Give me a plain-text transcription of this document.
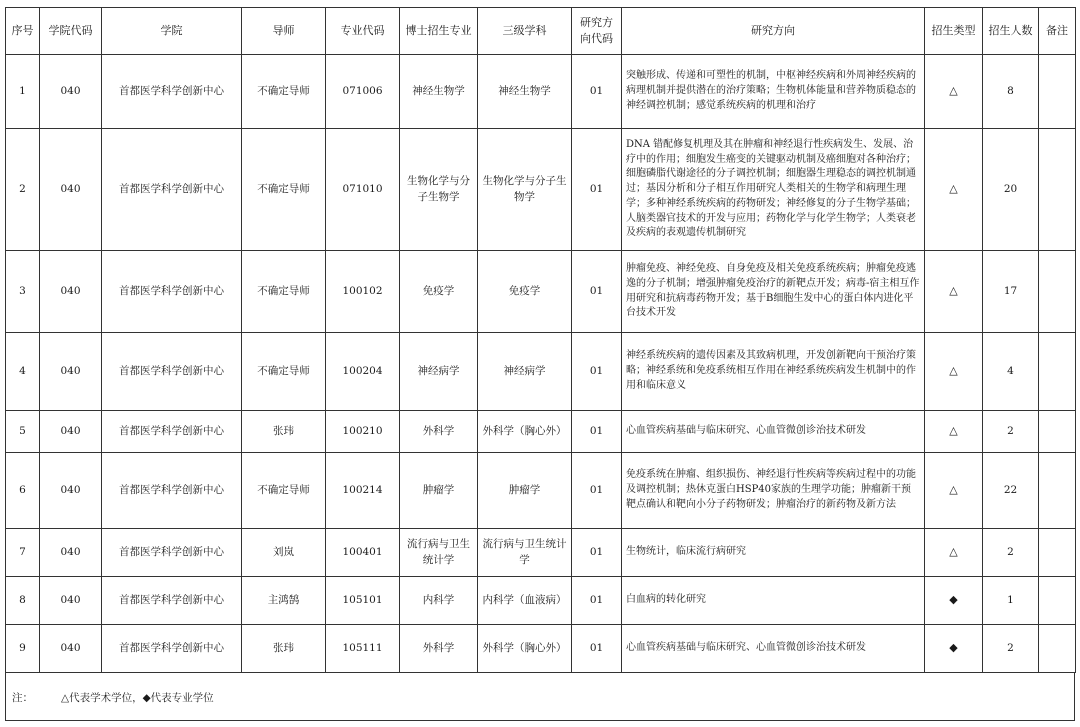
序号	学院代码	学院	导师	专业代码	博士招生专业	三级学科	研究方向代码	研究方向	招生类型	招生人数	备注
1	040	首都医学科学创新中心	不确定导师	071006	神经生物学	神经生物学	01	突触形成、传递和可塑性的机制，中枢神经疾病和外周神经疾病的病理机制并提供潜在的治疗策略；生物机体能量和营养物质稳态的神经调控机制；感觉系统疾病的机理和治疗	△	8	
2	040	首都医学科学创新中心	不确定导师	071010	生物化学与分子生物学	生物化学与分子生物学	01	DNA 错配修复机理及其在肿瘤和神经退行性疾病发生、发展、治疗中的作用；细胞发生癌变的关键驱动机制及癌细胞对各种治疗；细胞磷脂代谢途径的分子调控机制；细胞器生理稳态的调控机制通过；基因分析和分子相互作用研究人类相关的生物学和病理生理学；多种神经系统疾病的药物研发；神经修复的分子生物学基础；人脑类器官技术的开发与应用；药物化学与化学生物学；人类衰老及疾病的表观遗传机制研究	△	20	
3	040	首都医学科学创新中心	不确定导师	100102	免疫学	免疫学	01	肿瘤免疫、神经免疫、自身免疫及相关免疫系统疾病；肿瘤免疫逃逸的分子机制；增强肿瘤免疫治疗的新靶点开发；病毒-宿主相互作用研究和抗病毒药物开发；基于B细胞生发中心的蛋白体内进化平台技术开发	△	17	
4	040	首都医学科学创新中心	不确定导师	100204	神经病学	神经病学	01	神经系统疾病的遗传因素及其致病机理，开发创新靶向干预治疗策略；神经系统和免疫系统相互作用在神经系统疾病发生机制中的作用和临床意义	△	4	
5	040	首都医学科学创新中心	张玮	100210	外科学	外科学（胸心外）	01	心血管疾病基础与临床研究、心血管微创诊治技术研发	△	2	
6	040	首都医学科学创新中心	不确定导师	100214	肿瘤学	肿瘤学	01	免疫系统在肿瘤、组织损伤、神经退行性疾病等疾病过程中的功能及调控机制；热休克蛋白HSP40家族的生理学功能；肿瘤新干预靶点确认和靶向小分子药物研发；肿瘤治疗的新药物及新方法	△	22	
7	040	首都医学科学创新中心	刘岚	100401	流行病与卫生统计学	流行病与卫生统计学	01	生物统计，临床流行病研究	△	2	
8	040	首都医学科学创新中心	主鸿鹄	105101	内科学	内科学（血液病）	01	白血病的转化研究	◆	1	
9	040	首都医学科学创新中心	张玮	105111	外科学	外科学（胸心外）	01	心血管疾病基础与临床研究、心血管微创诊治技术研发	◆	2	
注：	△代表学术学位，◆代表专业学位
